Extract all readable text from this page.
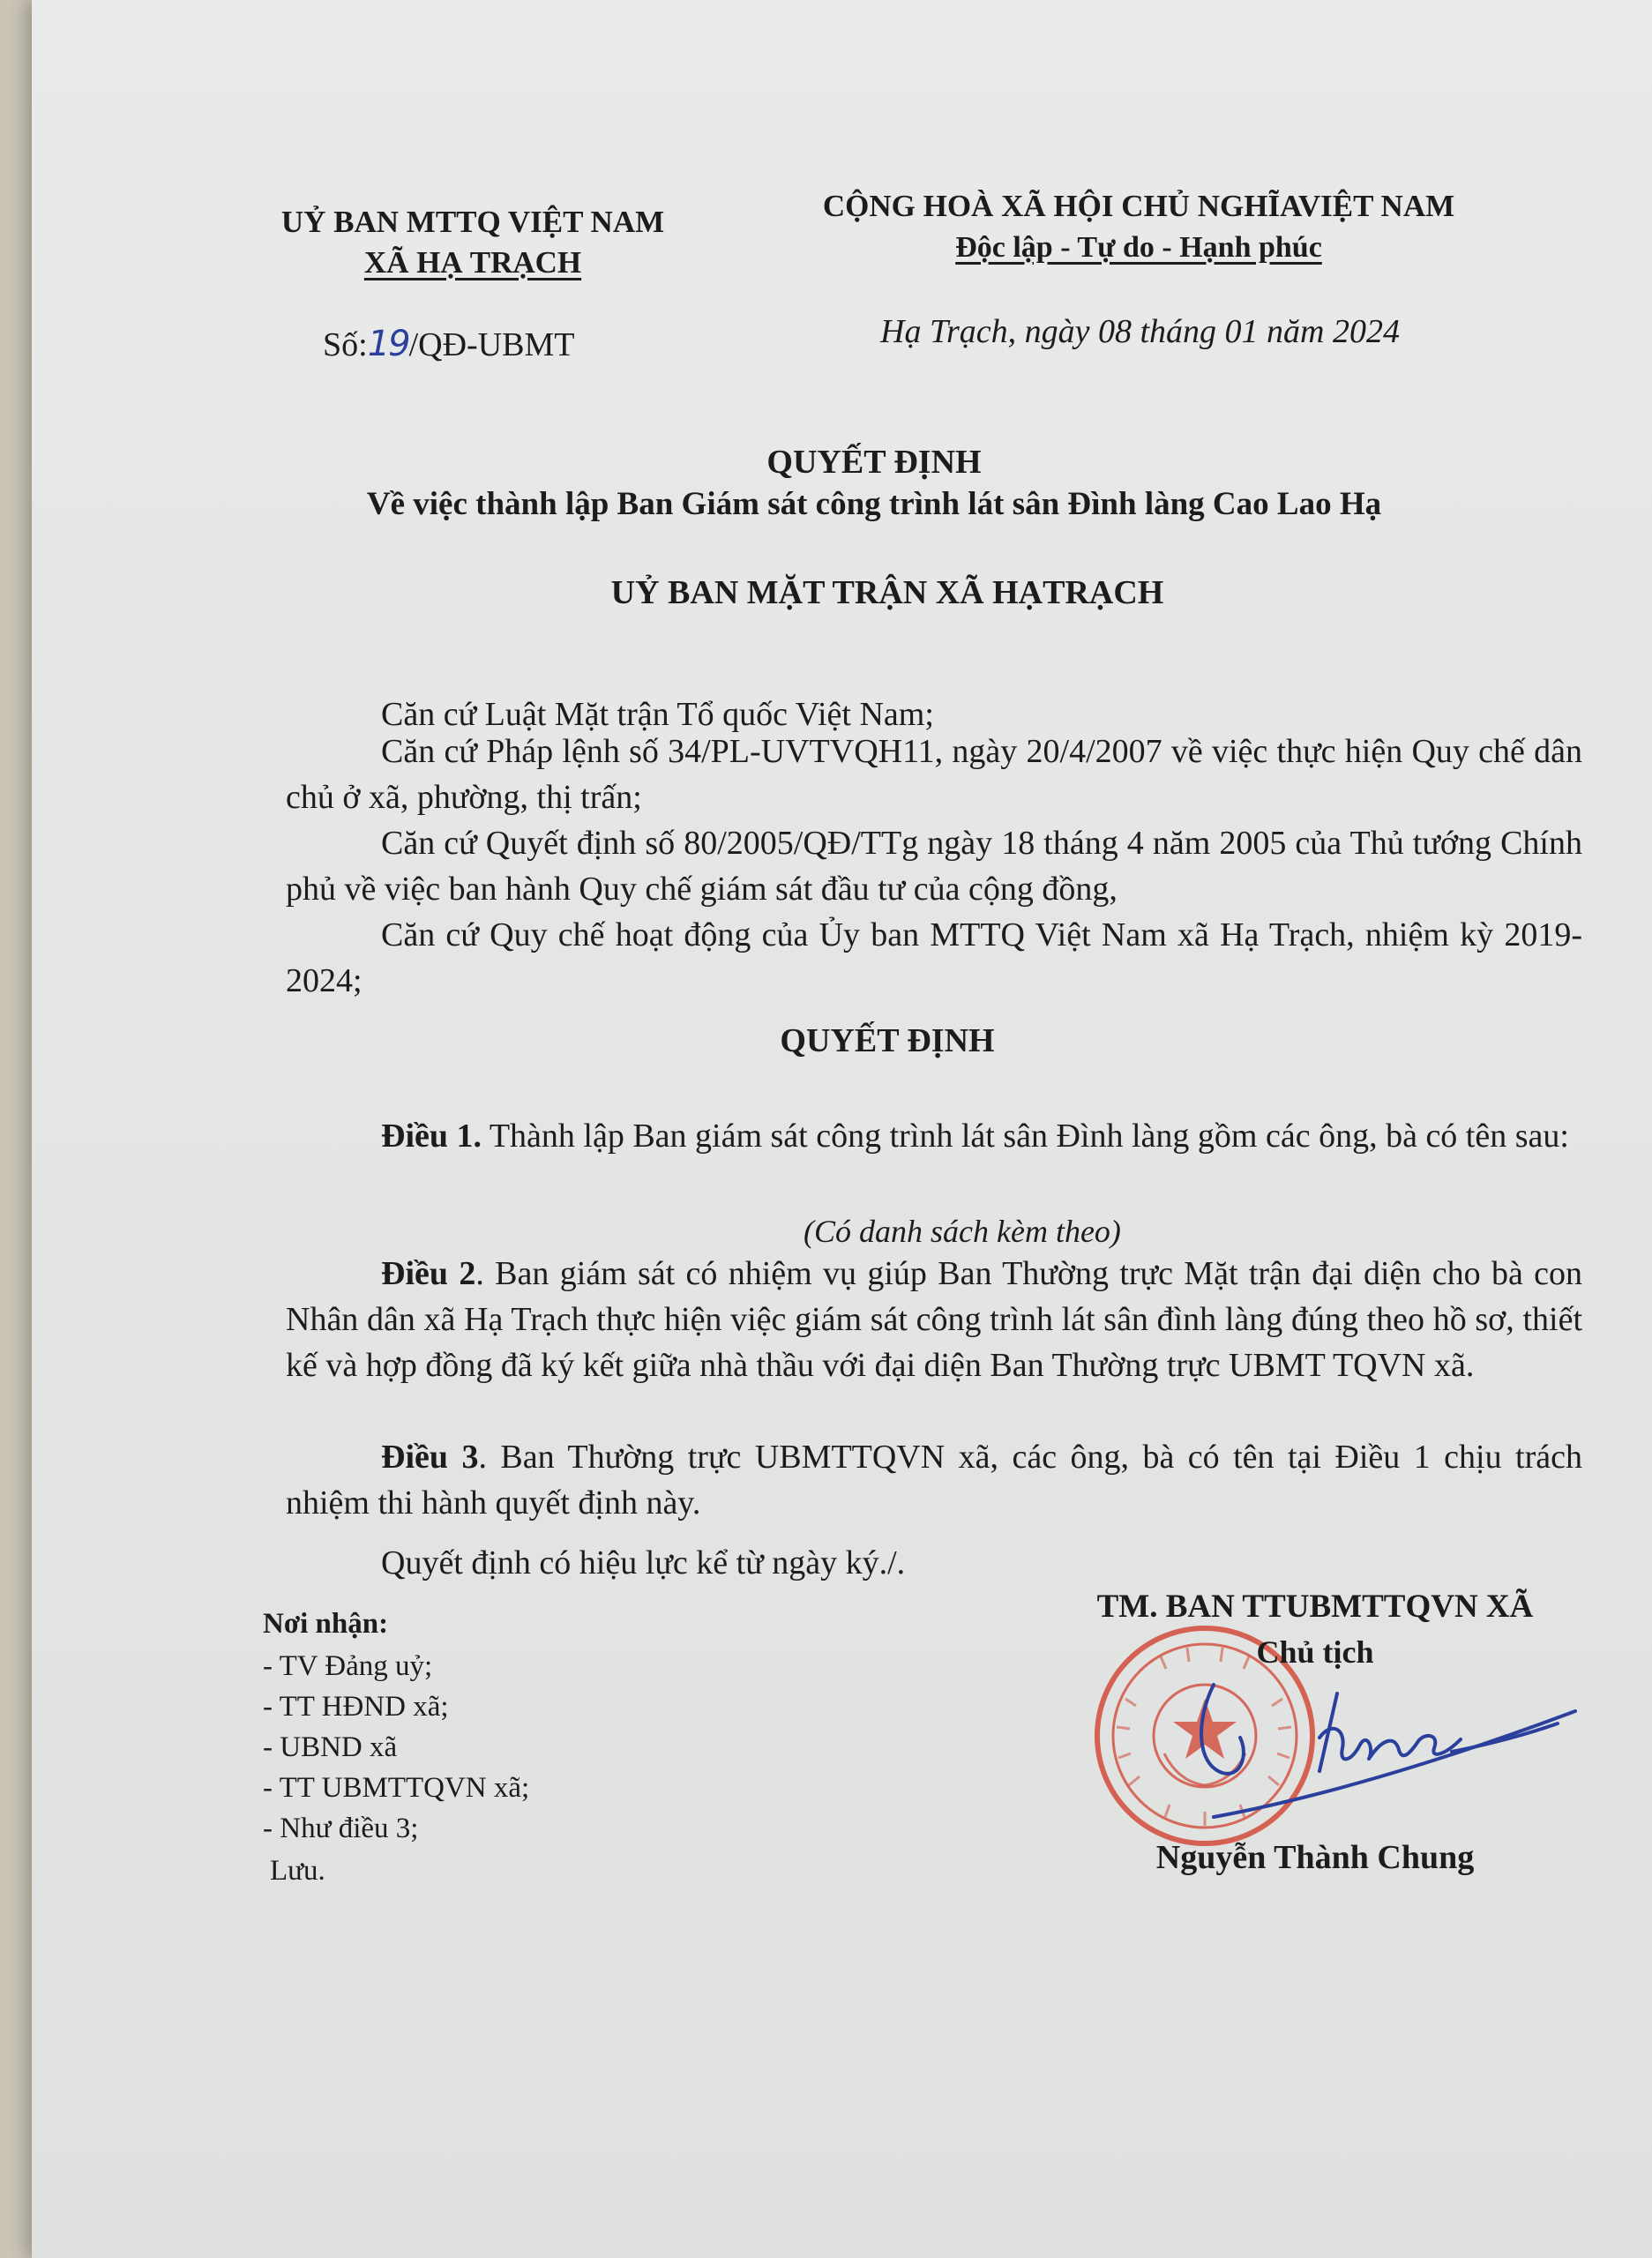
UỶ BAN MTTQ VIỆT NAM
XÃ HẠ TRẠCH
CỘNG HOÀ XÃ HỘI CHỦ NGHĨAVIỆT NAM
Độc lập - Tự do - Hạnh phúc
Số:19/QĐ-UBMT	Hạ Trạch, ngày 08 tháng 01 năm 2024
QUYẾT ĐỊNH
Về việc thành lập Ban Giám sát công trình lát sân Đình làng Cao Lao Hạ
UỶ BAN MẶT TRẬN XÃ HẠTRẠCH
Căn cứ Luật Mặt trận Tổ quốc Việt Nam;
Căn cứ Pháp lệnh số 34/PL-UVTVQH11, ngày 20/4/2007 về việc thực hiện Quy chế dân chủ ở xã, phường, thị trấn;
Căn cứ Quyết định số 80/2005/QĐ/TTg ngày 18 tháng 4 năm 2005 của Thủ tướng Chính phủ về việc ban hành Quy chế giám sát đầu tư của cộng đồng,
Căn cứ Quy chế hoạt động của Ủy ban MTTQ Việt Nam xã Hạ Trạch, nhiệm kỳ 2019-2024;
QUYẾT ĐỊNH
Điều 1. Thành lập Ban giám sát công trình lát sân Đình làng gồm các ông, bà có tên sau:
(Có danh sách kèm theo)
Điều 2. Ban giám sát có nhiệm vụ giúp Ban Thường trực Mặt trận đại diện cho bà con Nhân dân xã Hạ Trạch thực hiện việc giám sát công trình lát sân đình làng đúng theo hồ sơ, thiết kế và hợp đồng đã ký kết giữa nhà thầu với đại diện Ban Thường trực UBMT TQVN xã.
Điều 3. Ban Thường trực UBMTTQVN xã, các ông, bà có tên tại Điều 1 chịu trách nhiệm thi hành quyết định này.
Quyết định có hiệu lực kể từ ngày ký./.
Nơi nhận:
- TV Đảng uỷ;
- TT HĐND xã;
- UBND xã
- TT UBMTTQVN xã;
- Như điều 3;
Lưu.
TM. BAN TTUBMTTQVN XÃ
Chủ tịch
Nguyễn Thành Chung
